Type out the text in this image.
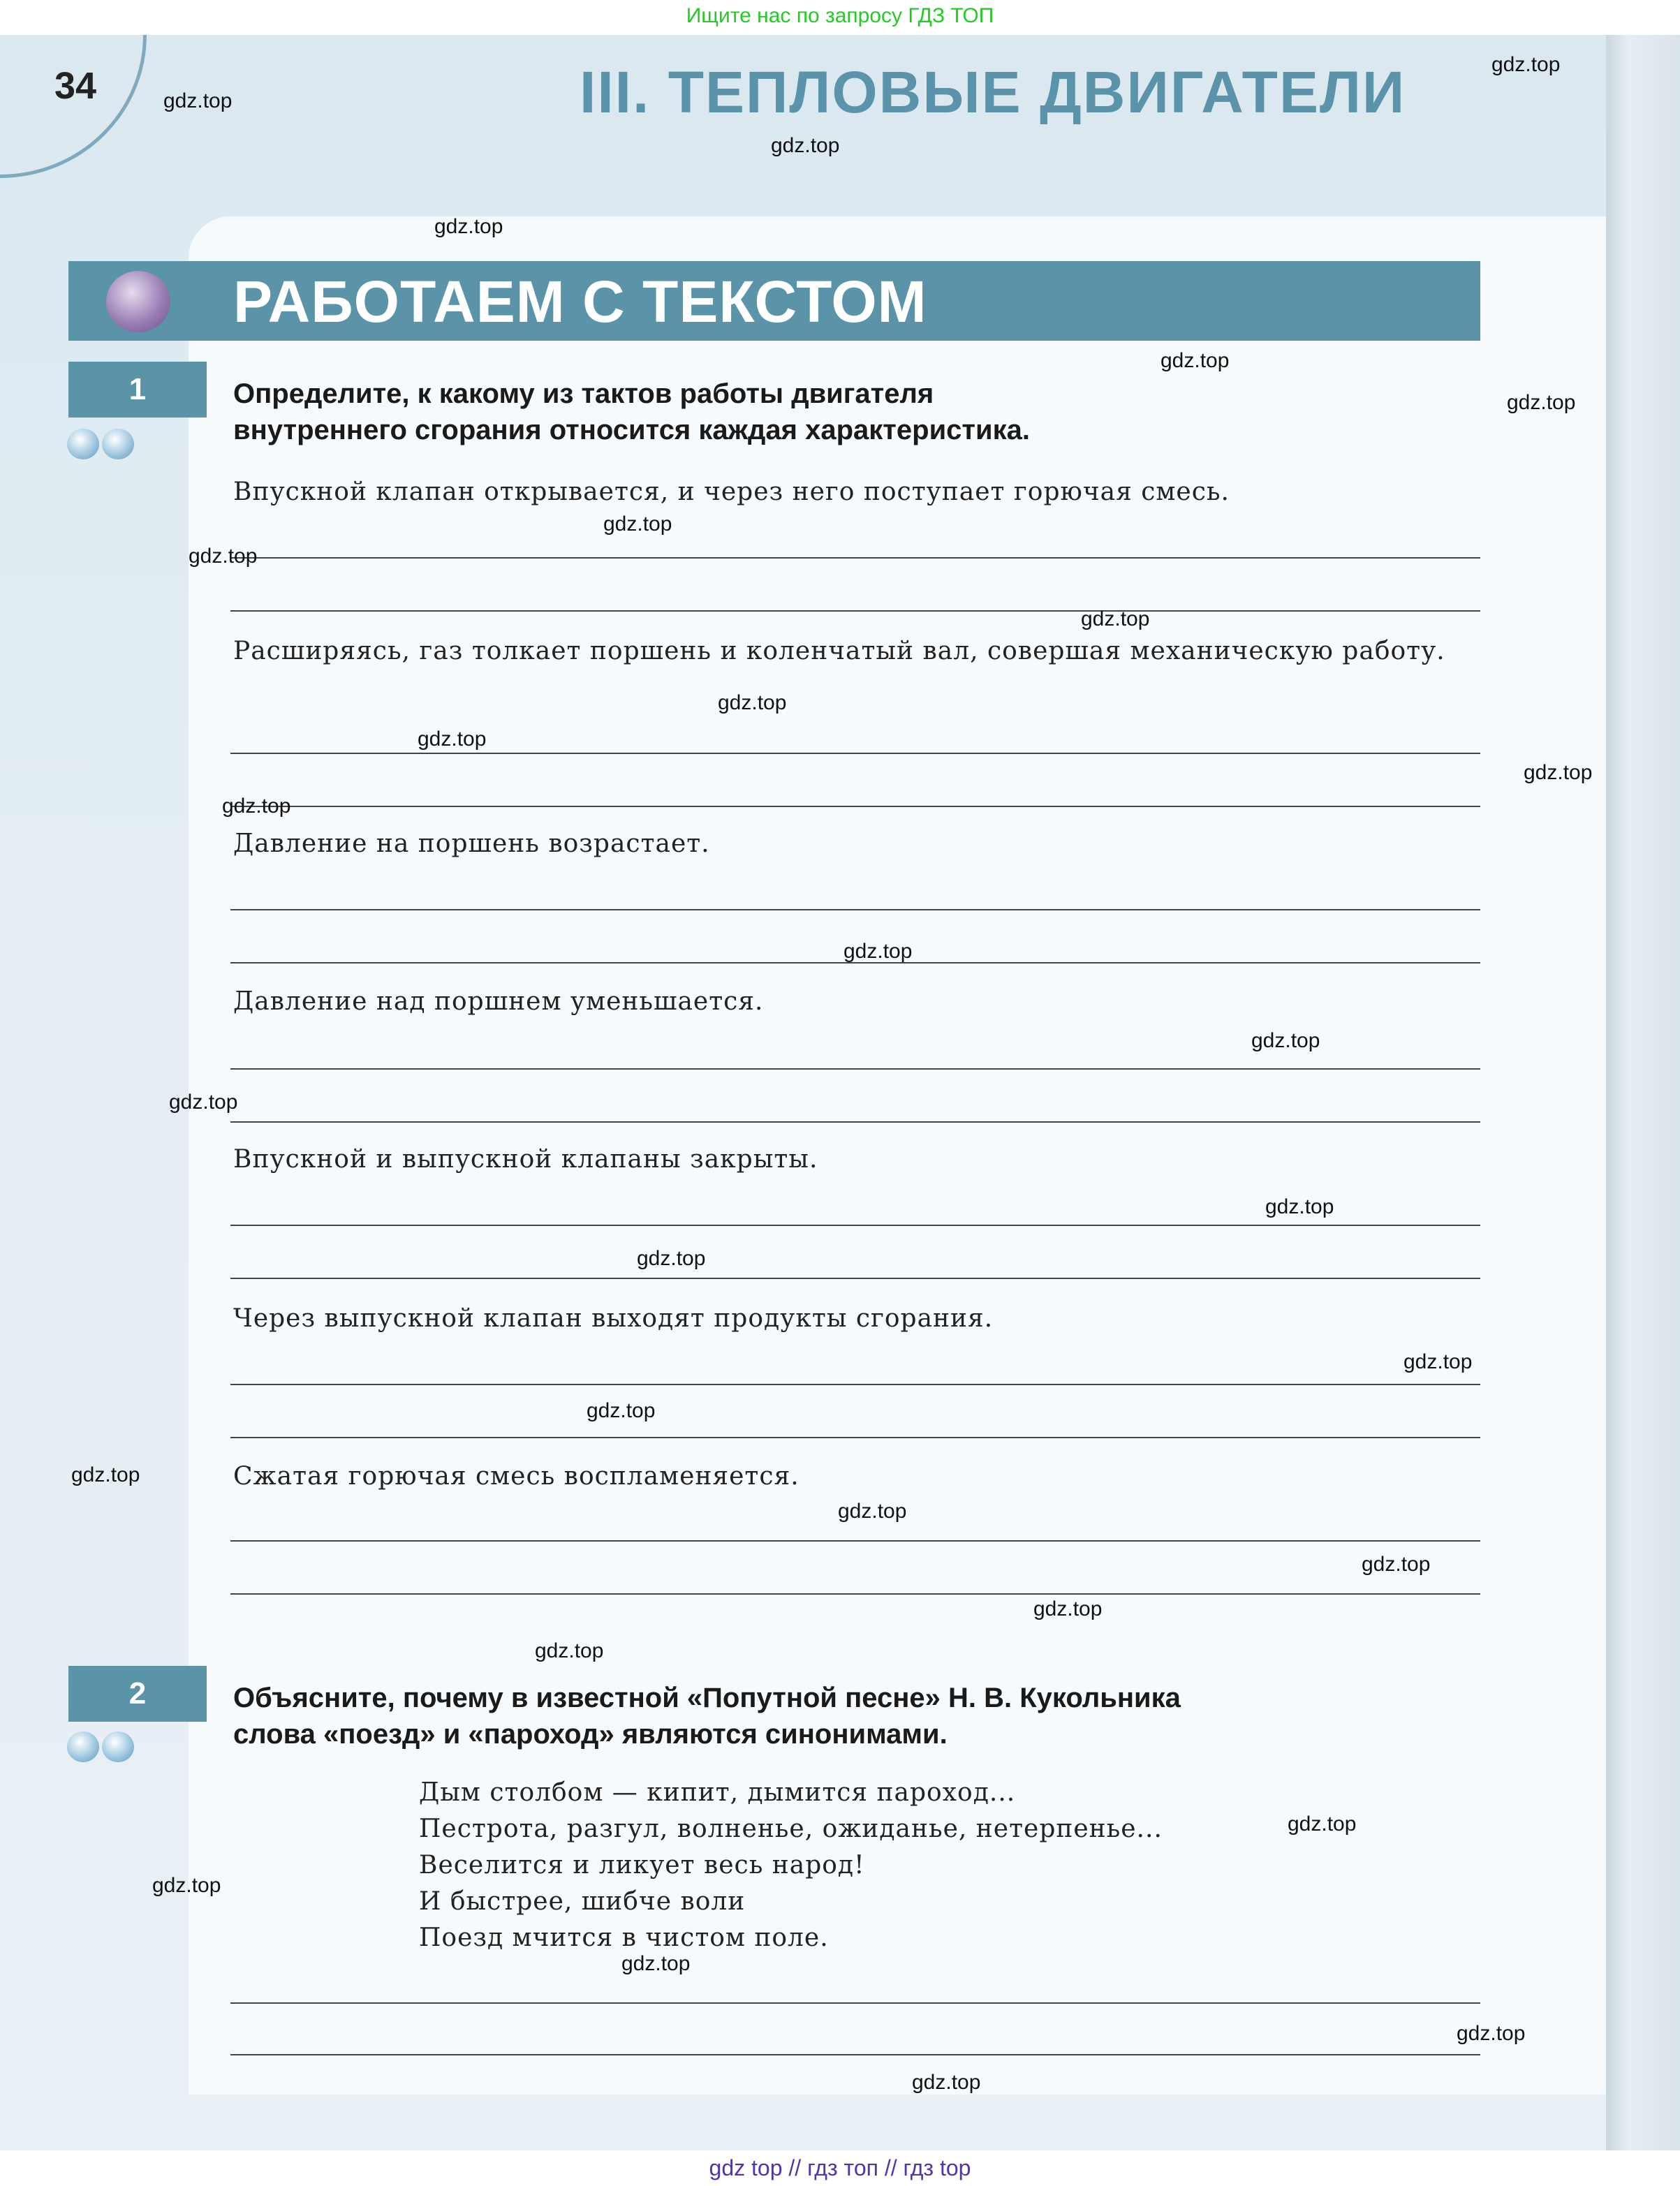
Ищите нас по запросу ГДЗ ТОП
34	III. ТЕПЛОВЫЕ ДВИГАТЕЛИ
РАБОТАЕМ С ТЕКСТОМ
1	Определите, к какому из тактов работы двигателя
внутреннего сгорания относится каждая характеристика.
Впускной клапан открывается, и через него поступает горючая смесь.
Расширяясь, газ толкает поршень и коленчатый вал, совершая механическую работу.
Давление на поршень возрастает.
Давление над поршнем уменьшается.
Впускной и выпускной клапаны закрыты.
Через выпускной клапан выходят продукты сгорания.
Сжатая горючая смесь воспламеняется.
2	Объясните, почему в известной «Попутной песне» Н. В. Кукольника
слова «поезд» и «пароход» являются синонимами.
Дым столбом — кипит, дымится пароход...
Пестрота, разгул, волненье, ожиданье, нетерпенье...
Веселится и ликует весь народ!
И быстрее, шибче воли
Поезд мчится в чистом поле.
gdz.top
gdz.top
gdz.top
gdz.top
gdz.top
gdz.top
gdz.top
gdz.top
gdz.top
gdz.top
gdz.top
gdz.top
gdz.top
gdz.top
gdz.top
gdz.top
gdz.top
gdz.top
gdz.top
gdz.top
gdz.top
gdz.top
gdz.top
gdz.top
gdz.top
gdz.top
gdz.top
gdz.top
gdz.top
gdz.top
gdz top // гдз топ // гдз top
